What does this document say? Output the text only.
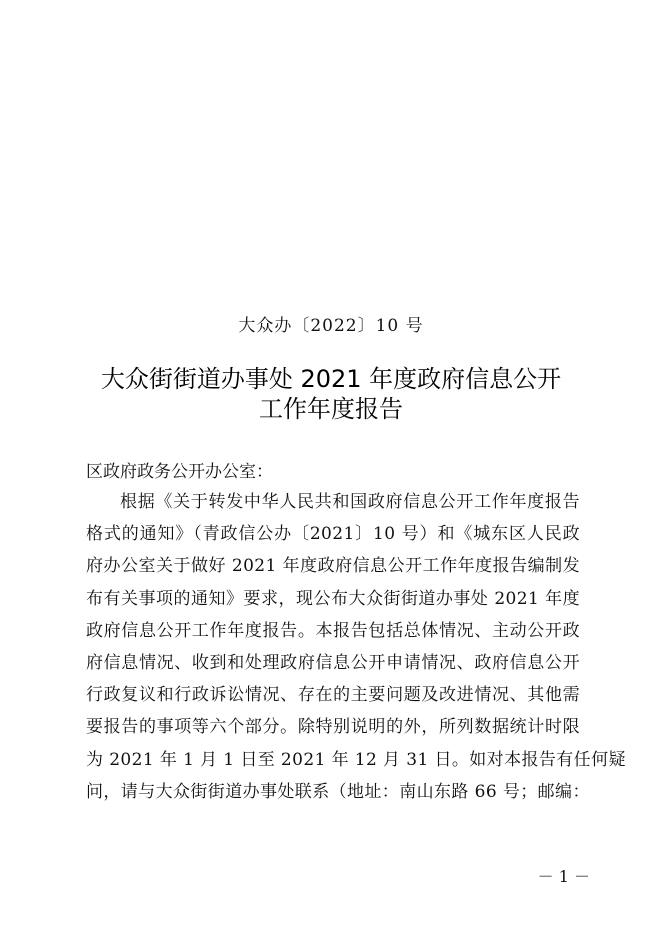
大众办〔2022〕10 号
大众街街道办事处 2021 年度政府信息公开
工作年度报告
区政府政务公开办公室：
根据《关于转发中华人民共和国政府信息公开工作年度报告
格式的通知》（青政信公办〔2021〕10 号）和《城东区人民政
府办公室关于做好 2021 年度政府信息公开工作年度报告编制发
布有关事项的通知》要求，现公布大众街街道办事处 2021 年度
政府信息公开工作年度报告。本报告包括总体情况、主动公开政
府信息情况、收到和处理政府信息公开申请情况、政府信息公开
行政复议和行政诉讼情况、存在的主要问题及改进情况、其他需
要报告的事项等六个部分。除特别说明的外，所列数据统计时限
为 2021 年 1 月 1 日至 2021 年 12 月 31 日。如对本报告有任何疑
问，请与大众街街道办事处联系（地址：南山东路 66 号；邮编：
－ 1 －
